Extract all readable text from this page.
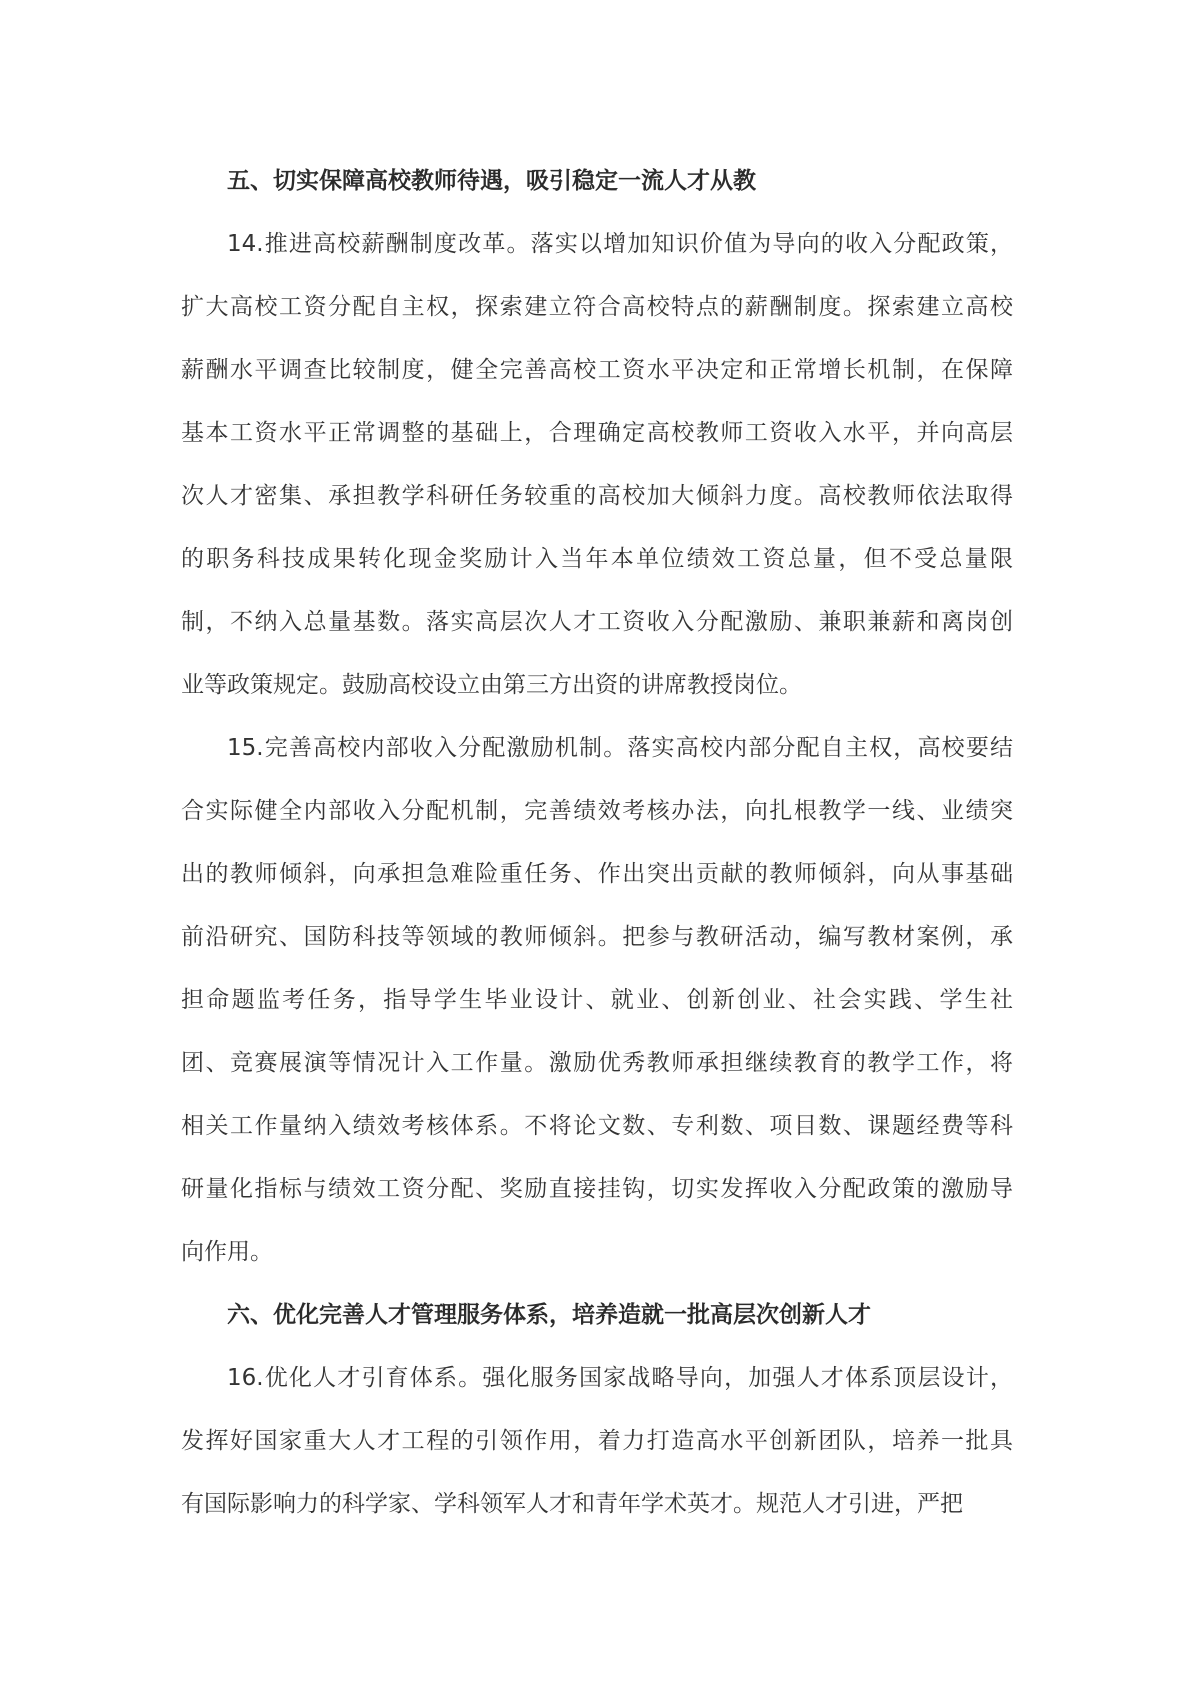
五、切实保障高校教师待遇，吸引稳定一流人才从教

14.推进高校薪酬制度改革。落实以增加知识价值为导向的收入分配政策，
扩大高校工资分配自主权，探索建立符合高校特点的薪酬制度。探索建立高校
薪酬水平调查比较制度，健全完善高校工资水平决定和正常增长机制，在保障
基本工资水平正常调整的基础上，合理确定高校教师工资收入水平，并向高层
次人才密集、承担教学科研任务较重的高校加大倾斜力度。高校教师依法取得
的职务科技成果转化现金奖励计入当年本单位绩效工资总量，但不受总量限
制，不纳入总量基数。落实高层次人才工资收入分配激励、兼职兼薪和离岗创
业等政策规定。鼓励高校设立由第三方出资的讲席教授岗位。

15.完善高校内部收入分配激励机制。落实高校内部分配自主权，高校要结
合实际健全内部收入分配机制，完善绩效考核办法，向扎根教学一线、业绩突
出的教师倾斜，向承担急难险重任务、作出突出贡献的教师倾斜，向从事基础
前沿研究、国防科技等领域的教师倾斜。把参与教研活动，编写教材案例，承
担命题监考任务，指导学生毕业设计、就业、创新创业、社会实践、学生社
团、竞赛展演等情况计入工作量。激励优秀教师承担继续教育的教学工作，将
相关工作量纳入绩效考核体系。不将论文数、专利数、项目数、课题经费等科
研量化指标与绩效工资分配、奖励直接挂钩，切实发挥收入分配政策的激励导
向作用。

六、优化完善人才管理服务体系，培养造就一批高层次创新人才

16.优化人才引育体系。强化服务国家战略导向，加强人才体系顶层设计，
发挥好国家重大人才工程的引领作用，着力打造高水平创新团队，培养一批具
有国际影响力的科学家、学科领军人才和青年学术英才。规范人才引进，严把
